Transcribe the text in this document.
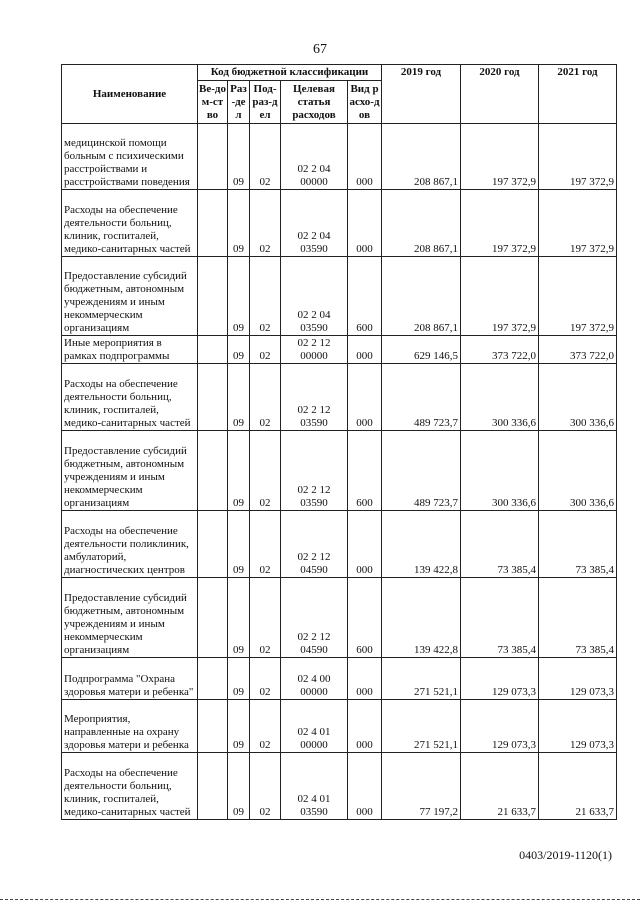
67
Наименование	Код бюджетной классификации					2019 год	2020 год	2021 год
	Ве-дом-ство	Раз-дел	Под-раз-дел	Целевая статья расходов	Вид расхо-дов			
медицинской помощи больным с психическими расстройствами и расстройствами поведения		09	02	02 2 04 00000	000	208 867,1	197 372,9	197 372,9
Расходы на обеспечение деятельности больниц, клиник, госпиталей, медико-санитарных частей		09	02	02 2 04 03590	000	208 867,1	197 372,9	197 372,9
Предоставление субсидий бюджетным, автономным учреждениям и иным некоммерческим организациям		09	02	02 2 04 03590	600	208 867,1	197 372,9	197 372,9
Иные мероприятия в рамках подпрограммы		09	02	02 2 12 00000	000	629 146,5	373 722,0	373 722,0
Расходы на обеспечение деятельности больниц, клиник, госпиталей, медико-санитарных частей		09	02	02 2 12 03590	000	489 723,7	300 336,6	300 336,6
Предоставление субсидий бюджетным, автономным учреждениям и иным некоммерческим организациям		09	02	02 2 12 03590	600	489 723,7	300 336,6	300 336,6
Расходы на обеспечение деятельности поликлиник, амбулаторий, диагностических центров		09	02	02 2 12 04590	000	139 422,8	73 385,4	73 385,4
Предоставление субсидий бюджетным, автономным учреждениям и иным некоммерческим организациям		09	02	02 2 12 04590	600	139 422,8	73 385,4	73 385,4
Подпрограмма "Охрана здоровья матери и ребенка"		09	02	02 4 00 00000	000	271 521,1	129 073,3	129 073,3
Мероприятия, направленные на охрану здоровья матери и ребенка		09	02	02 4 01 00000	000	271 521,1	129 073,3	129 073,3
Расходы на обеспечение деятельности больниц, клиник, госпиталей, медико-санитарных частей		09	02	02 4 01 03590	000	77 197,2	21 633,7	21 633,7
0403/2019-1120(1)
